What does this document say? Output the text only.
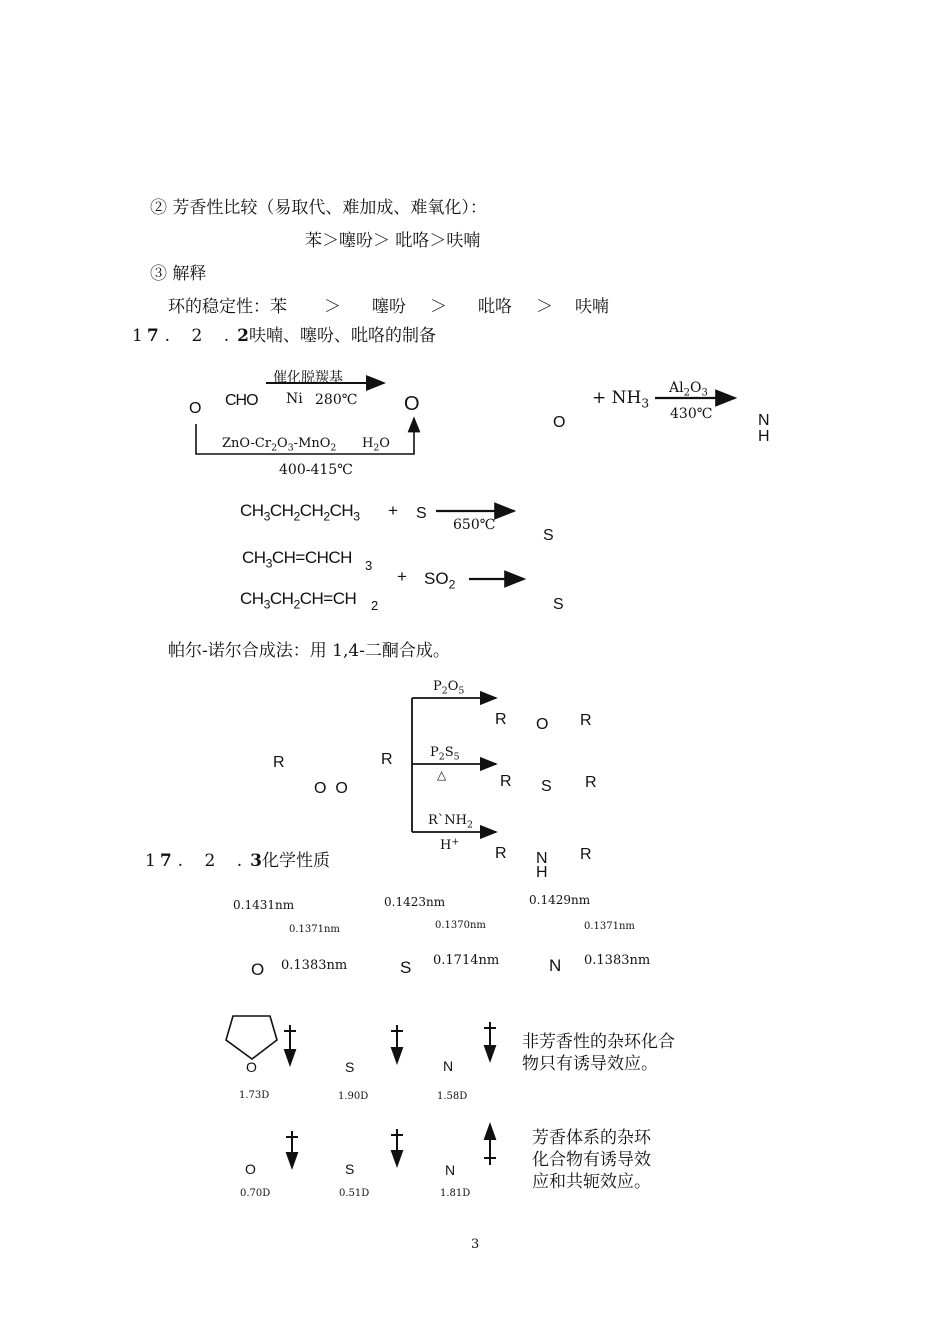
② 芳香性比较（易取代、难加成、难氧化）：
苯＞噻吩＞ 吡咯＞呋喃
③ 解释
环的稳定性：苯 ＞ 噻吩 ＞ 吡咯 ＞ 呋喃
1 7 . 2 .2呋喃、噻吩、吡咯的制备
催化脱羰基
Ni 280℃
O CHO	O
ZnO-$Cr_2O_3-MnO_2$ $H_2O$
400-415℃
O
+ $NH_3$
$Al_2O_3$
430℃	N
H
$CH_3CH_2CH_2CH_3 + S$
650℃
S
$CH_3CH=CHCH$ 3
+ $SO_2$
$CH_3CH_2CH=CH$ 2	S
帕尔-诺尔合成法：用 1,4-二酮合成。
R	R
O  O
$P_2O_5$
$P_2S_5$
△
$R`NH_2$
H+
R O R
R S R
R N
H
R
1 7 . 2 .3化学性质
0.1431nm
0.1371nm
O 0.1383nm
0.1423nm
0.1370nm
S 0.1714nm
0.1429nm
0.1371nm
N 0.1383nm
O	S	N
1.73D	1.90D	1.58D
非芳香性的杂环化合
物只有诱导效应。
O	S	N
0.70D	0.51D	1.81D
芳香体系的杂环
化合物有诱导效
应和共轭效应。
3
